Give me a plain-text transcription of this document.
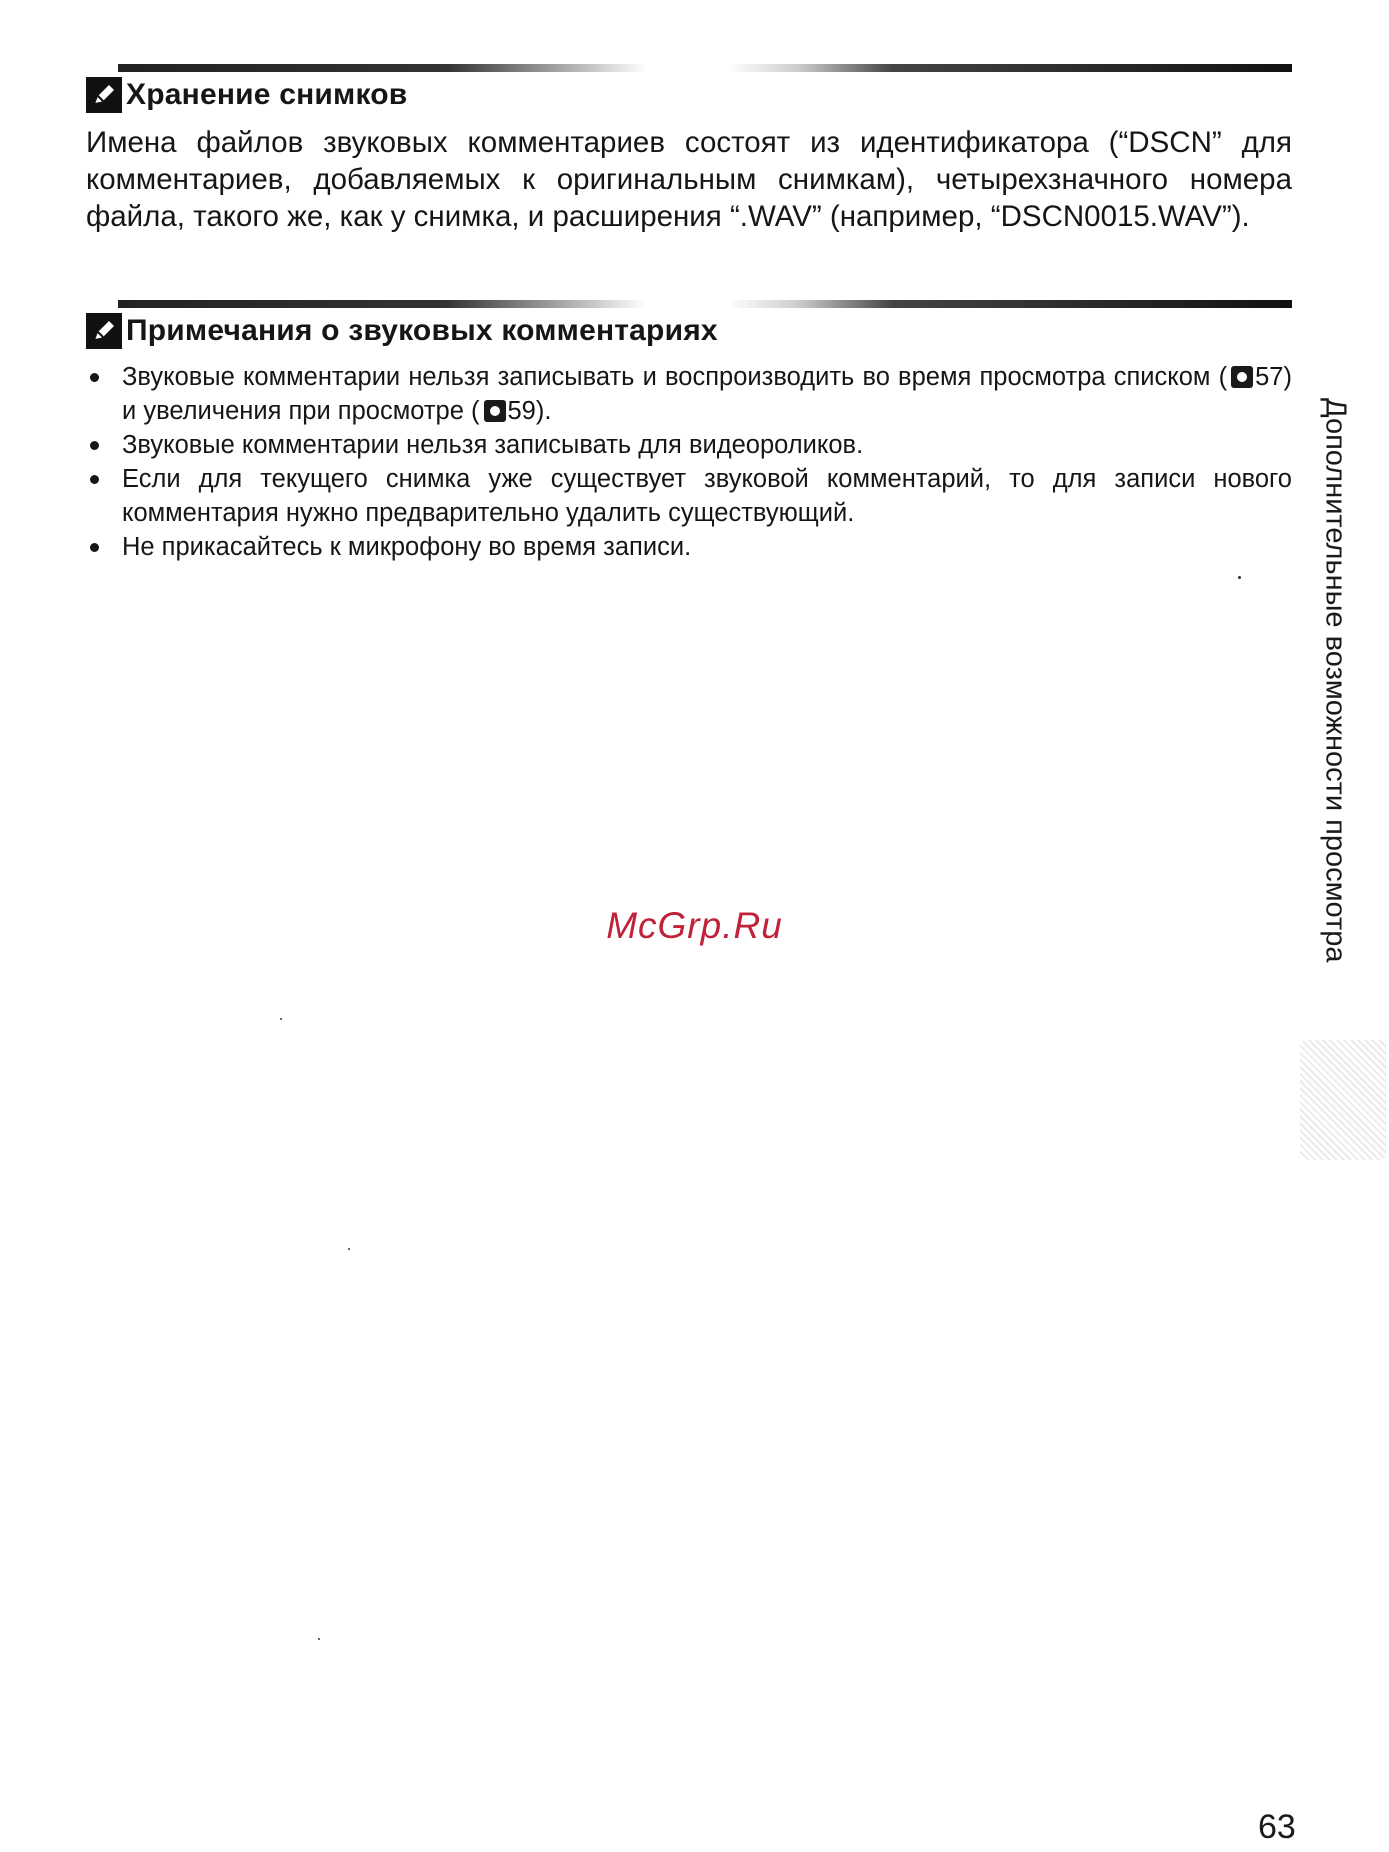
Хранение снимков
Имена файлов звуковых комментариев состоят из идентификатора (“DSCN” для комментариев, добавляемых к оригинальным снимкам), четырехзначного номера файла, такого же, как у снимка, и расширения “.WAV” (например, “DSCN0015.WAV”).
Примечания о звуковых комментариях
Звуковые комментарии нельзя записывать и воспроизводить во время просмотра списком ( 57) и увеличения при просмотре ( 59).
Звуковые комментарии нельзя записывать для видеороликов.
Если для текущего снимка уже существует звуковой комментарий, то для записи нового комментария нужно предварительно удалить существующий.
Не прикасайтесь к микрофону во время записи.
McGrp.Ru	Дополнительные возможности просмотра
63
